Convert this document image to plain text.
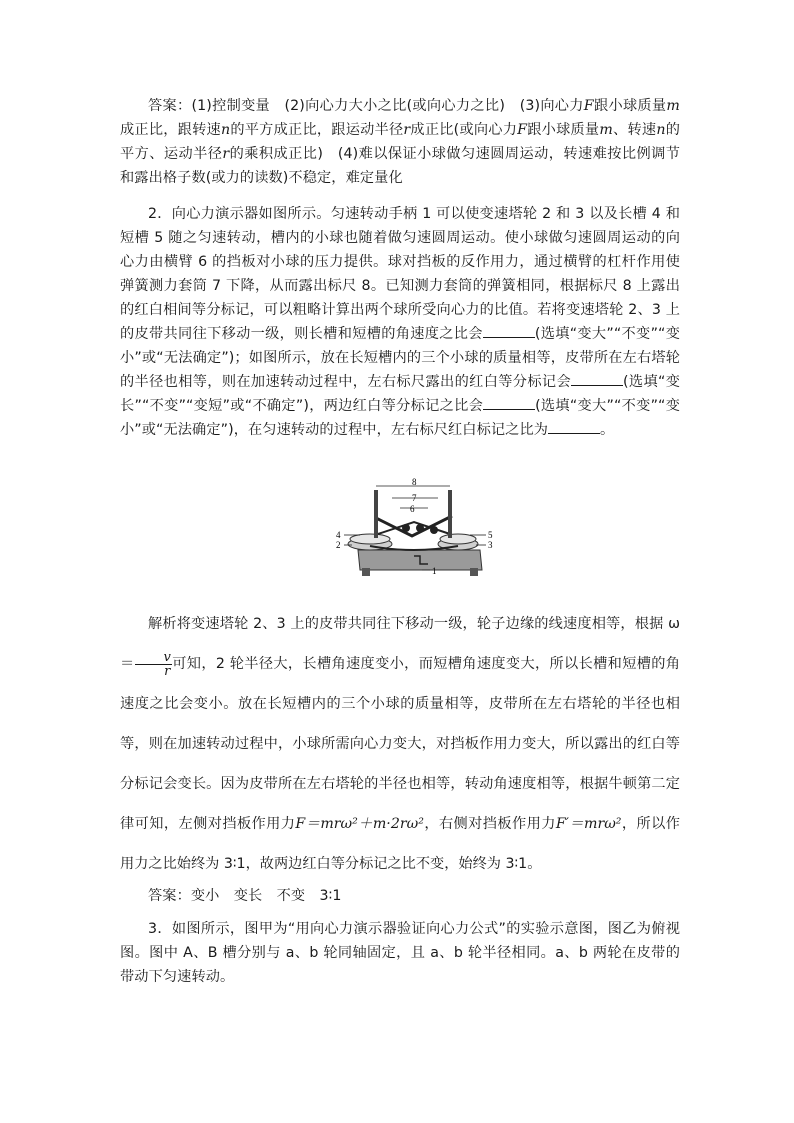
答案：(1)控制变量　(2)向心力大小之比(或向心力之比)　(3)向心力F跟小球质量m成正比，跟转速n的平方成正比，跟运动半径r成正比(或向心力F跟小球质量m、转速n的平方、运动半径r的乘积成正比)　(4)难以保证小球做匀速圆周运动，转速难按比例调节和露出格子数(或力的读数)不稳定，难定量化
2．向心力演示器如图所示。匀速转动手柄 1 可以使变速塔轮 2 和 3 以及长槽 4 和短槽 5 随之匀速转动，槽内的小球也随着做匀速圆周运动。使小球做匀速圆周运动的向心力由横臂 6 的挡板对小球的压力提供。球对挡板的反作用力，通过横臂的杠杆作用使弹簧测力套筒 7 下降，从而露出标尺 8。已知测力套筒的弹簧相同，根据标尺 8 上露出的红白相间等分标记，可以粗略计算出两个球所受向心力的比值。若将变速塔轮 2、3 上的皮带共同往下移动一级，则长槽和短槽的角速度之比会	(选填“变大”“不变”“变小”或“无法确定”)；如图所示，放在长短槽内的三个小球的质量相等，皮带所在左右塔轮的半径也相等，则在加速转动过程中，左右标尺露出的红白等分标记会	(选填“变长”“不变”“变短”或“不确定”)，两边红白等分标记之比会	(选填“变大”“不变”“变小”或“无法确定”)，在匀速转动的过程中，左右标尺红白标记之比为	。
8
7
6
4
2
5
3
1
解析将变速塔轮 2、3 上的皮带共同往下移动一级，轮子边缘的线速度相等，根据 $\omega= \frac{v}{r}$ 可知，2 轮半径大，长槽角速度变小，而短槽角速度变大，所以长槽和短槽的角速度之比会变小。放在长短槽内的三个小球的质量相等，皮带所在左右塔轮的半径也相等，则在加速转动过程中，小球所需向心力变大，对挡板作用力变大，所以露出的红白等分标记会变长。因为皮带所在左右塔轮的半径也相等，转动角速度相等，根据牛顿第二定律可知，左侧对挡板作用力F＝mrω²＋m·2rω²，右侧对挡板作用力F′＝mrω²，所以作用力之比始终为 3∶1，故两边红白等分标记之比不变，始终为 3∶1。
答案：变小　变长　不变　3∶1
3．如图所示，图甲为“用向心力演示器验证向心力公式”的实验示意图，图乙为俯视图。图中 A、B 槽分别与 a、b 轮同轴固定，且 a、b 轮半径相同。a、b 两轮在皮带的带动下匀速转动。
